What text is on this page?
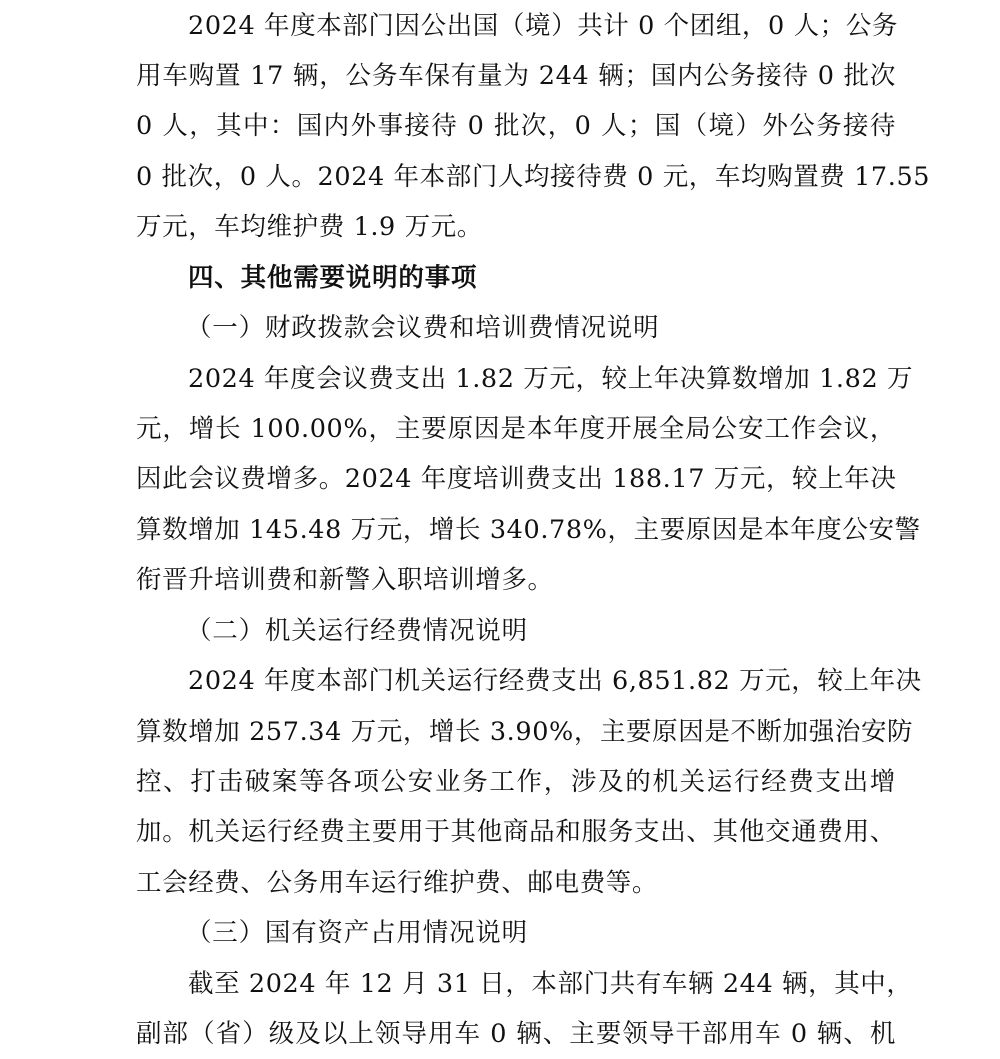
2024 年度本部门因公出国（境）共计 0 个团组，0 人；公务
用车购置 17 辆，公务车保有量为 244 辆；国内公务接待 0 批次
0 人，其中：国内外事接待 0 批次，0 人；国（境）外公务接待
0 批次，0 人。2024 年本部门人均接待费 0 元，车均购置费 17.55
万元，车均维护费 1.9 万元。
四、其他需要说明的事项
（一）财政拨款会议费和培训费情况说明
2024 年度会议费支出 1.82 万元，较上年决算数增加 1.82 万
元，增长 100.00%，主要原因是本年度开展全局公安工作会议，
因此会议费增多。2024 年度培训费支出 188.17 万元，较上年决
算数增加 145.48 万元，增长 340.78%，主要原因是本年度公安警
衔晋升培训费和新警入职培训增多。
（二）机关运行经费情况说明
2024 年度本部门机关运行经费支出 6,851.82 万元，较上年决
算数增加 257.34 万元，增长 3.90%，主要原因是不断加强治安防
控、打击破案等各项公安业务工作，涉及的机关运行经费支出增
加。机关运行经费主要用于其他商品和服务支出、其他交通费用、
工会经费、公务用车运行维护费、邮电费等。
（三）国有资产占用情况说明
截至 2024 年 12 月 31 日，本部门共有车辆 244 辆，其中，
副部（省）级及以上领导用车 0 辆、主要领导干部用车 0 辆、机
